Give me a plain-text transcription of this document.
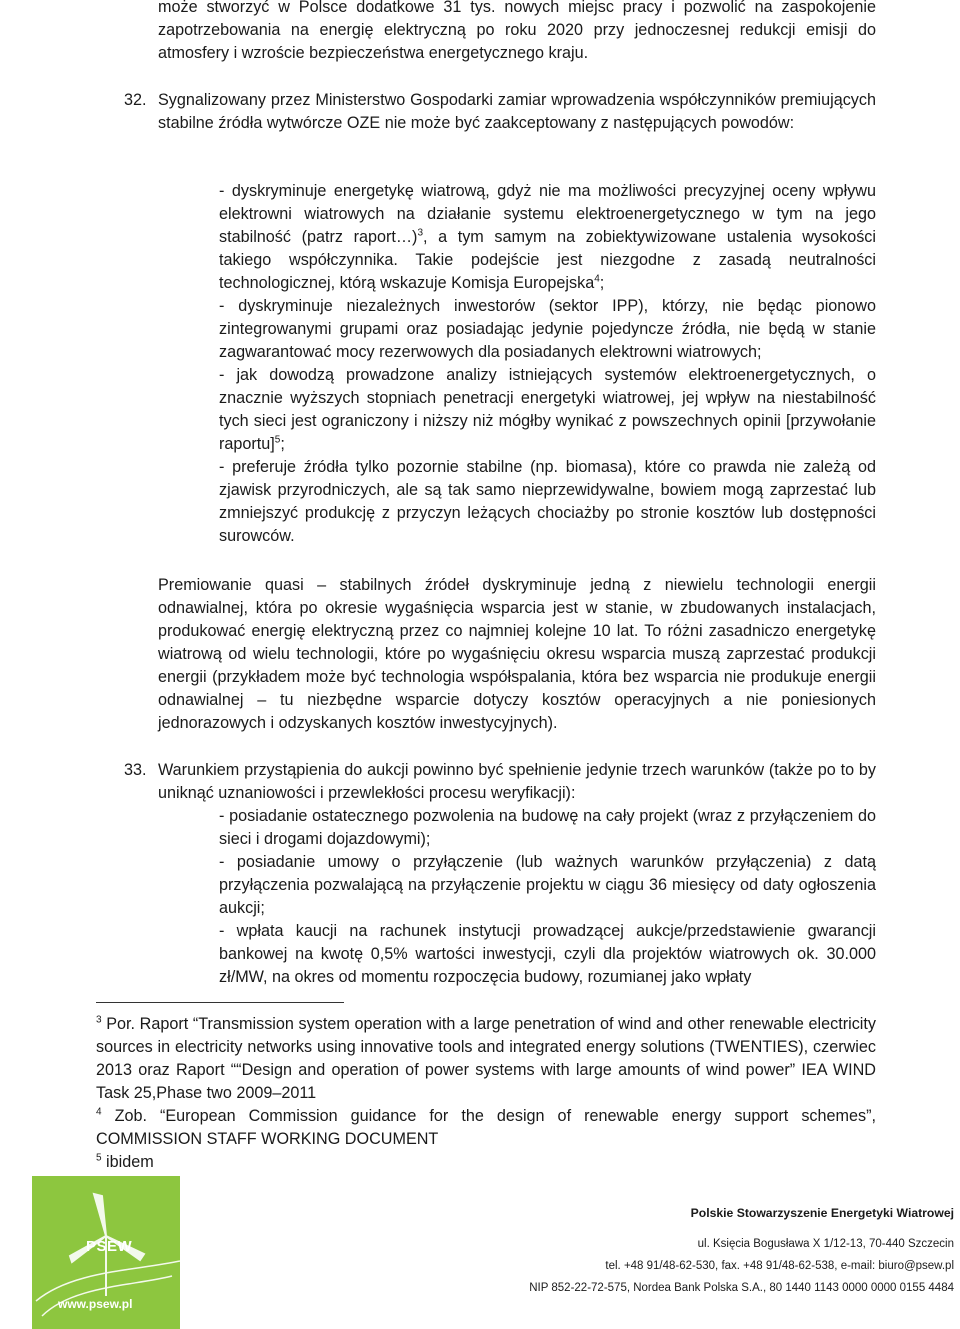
może stworzyć w Polsce dodatkowe 31 tys. nowych miejsc pracy i pozwolić na zaspokojenie zapotrzebowania na energię elektryczną po roku 2020 przy jednoczesnej redukcji emisji do atmosfery i wzroście bezpieczeństwa energetycznego kraju.

32. Sygnalizowany przez Ministerstwo Gospodarki zamiar wprowadzenia współczynników premiujących stabilne źródła wytwórcze OZE nie może być zaakceptowany z następujących powodów:
- dyskryminuje energetykę wiatrową, gdyż nie ma możliwości precyzyjnej oceny wpływu elektrowni wiatrowych na działanie systemu elektroenergetycznego w tym na jego stabilność (patrz raport…)$^3$, a tym samym na zobiektywizowane ustalenia wysokości takiego współczynnika. Takie podejście jest niezgodne z zasadą neutralności technologicznej, którą wskazuje Komisja Europejska$^4$;
- dyskryminuje niezależnych inwestorów (sektor IPP), którzy, nie będąc pionowo zintegrowanymi grupami oraz posiadając jedynie pojedyncze źródła, nie będą w stanie zagwarantować mocy rezerwowych dla posiadanych elektrowni wiatrowych;
- jak dowodzą prowadzone analizy istniejących systemów elektroenergetycznych, o znacznie wyższych stopniach penetracji energetyki wiatrowej, jej wpływ na niestabilność tych sieci jest ograniczony i niższy niż mógłby wynikać z powszechnych opinii [przywołanie raportu]$^5$;
- preferuje źródła tylko pozornie stabilne (np. biomasa), które co prawda nie zależą od zjawisk przyrodniczych, ale są tak samo nieprzewidywalne, bowiem mogą zaprzestać lub zmniejszyć produkcję z przyczyn leżących chociażby po stronie kosztów lub dostępności surowców.

Premiowanie quasi – stabilnych źródeł dyskryminuje jedną z niewielu technologii energii odnawialnej, która po okresie wygaśnięcia wsparcia jest w stanie, w zbudowanych instalacjach, produkować energię elektryczną przez co najmniej kolejne 10 lat. To różni zasadniczo energetykę wiatrową od wielu technologii, które po wygaśnięciu okresu wsparcia muszą zaprzestać produkcji energii (przykładem może być technologia współspalania, która bez wsparcia nie produkuje energii odnawialnej – tu niezbędne wsparcie dotyczy kosztów operacyjnych a nie poniesionych jednorazowych i odzyskanych kosztów inwestycyjnych).

33. Warunkiem przystąpienia do aukcji powinno być spełnienie jedynie trzech warunków (także po to by uniknąć uznaniowości i przewlekłości procesu weryfikacji):
- posiadanie ostatecznego pozwolenia na budowę na cały projekt (wraz z przyłączeniem do sieci i drogami dojazdowymi);
- posiadanie umowy o przyłączenie (lub ważnych warunków przyłączenia) z datą przyłączenia pozwalającą na przyłączenie projektu w ciągu 36 miesięcy od daty ogłoszenia aukcji;
- wpłata kaucji na rachunek instytucji prowadzącej aukcje/przedstawienie gwarancji bankowej na kwotę 0,5% wartości inwestycji, czyli dla projektów wiatrowych ok. 30.000 zł/MW, na okres od momentu rozpoczęcia budowy, rozumianej jako wpłaty
$^3$ Por. Raport “Transmission system operation with a large penetration of wind and other renewable electricity sources in electricity networks using innovative tools and integrated energy solutions (TWENTIES), czerwiec 2013 oraz Raport ““Design and operation of power systems with large amounts of wind power” IEA WIND Task 25,Phase two 2009–2011
$^4$ Zob. “European Commission guidance for the design of renewable energy support schemes”, COMMISSION STAFF WORKING DOCUMENT
$^5$ ibidem
PSEW
www.psew.pl
Polskie Stowarzyszenie Energetyki Wiatrowej
ul. Księcia Bogusława X 1/12-13, 70-440 Szczecin
tel. +48 91/48-62-530, fax. +48 91/48-62-538, e-mail: biuro@psew.pl
NIP 852-22-72-575, Nordea Bank Polska S.A., 80 1440 1143 0000 0000 0155 4484
